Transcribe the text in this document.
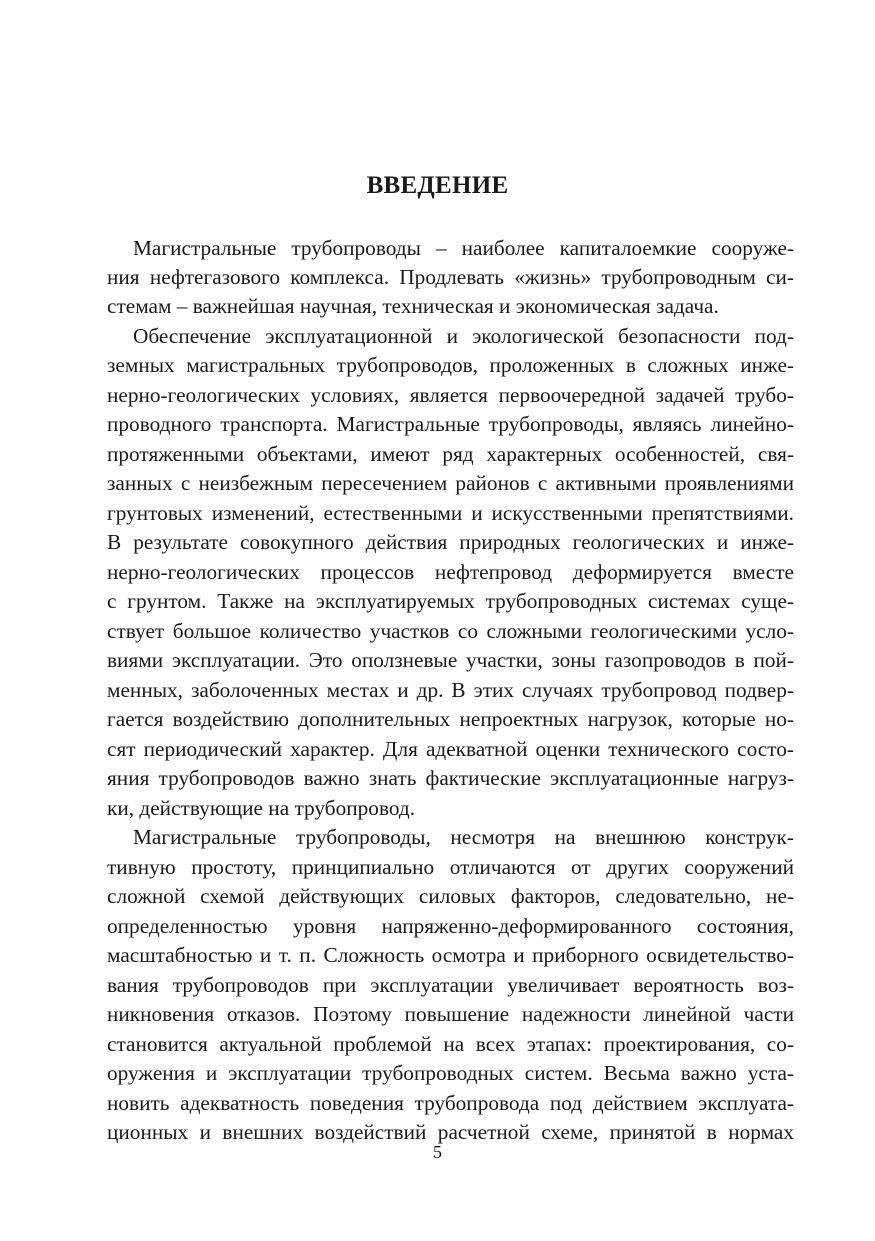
ВВЕДЕНИЕ
Магистральные трубопроводы – наиболее капиталоемкие сооруже-
ния нефтегазового комплекса. Продлевать «жизнь» трубопроводным си-
стемам – важнейшая научная, техническая и экономическая задача.
Обеспечение эксплуатационной и экологической безопасности под-
земных магистральных трубопроводов, проложенных в сложных инже-
нерно-геологических условиях, является первоочередной задачей трубо-
проводного транспорта. Магистральные трубопроводы, являясь линейно-
протяженными объектами, имеют ряд характерных особенностей, свя-
занных с неизбежным пересечением районов с активными проявлениями
грунтовых изменений, естественными и искусственными препятствиями.
В результате совокупного действия природных геологических и инже-
нерно-геологических процессов нефтепровод деформируется вместе
с грунтом. Также на эксплуатируемых трубопроводных системах суще-
ствует большое количество участков со сложными геологическими усло-
виями эксплуатации. Это оползневые участки, зоны газопроводов в пой-
менных, заболоченных местах и др. В этих случаях трубопровод подвер-
гается воздействию дополнительных непроектных нагрузок, которые но-
сят периодический характер. Для адекватной оценки технического состо-
яния трубопроводов важно знать фактические эксплуатационные нагруз-
ки, действующие на трубопровод.
Магистральные трубопроводы, несмотря на внешнюю конструк-
тивную простоту, принципиально отличаются от других сооружений
сложной схемой действующих силовых факторов, следовательно, не-
определенностью уровня напряженно-деформированного состояния,
масштабностью и т. п. Сложность осмотра и приборного освидетельство-
вания трубопроводов при эксплуатации увеличивает вероятность воз-
никновения отказов. Поэтому повышение надежности линейной части
становится актуальной проблемой на всех этапах: проектирования, со-
оружения и эксплуатации трубопроводных систем. Весьма важно уста-
новить адекватность поведения трубопровода под действием эксплуата-
ционных и внешних воздействий расчетной схеме, принятой в нормах
5
